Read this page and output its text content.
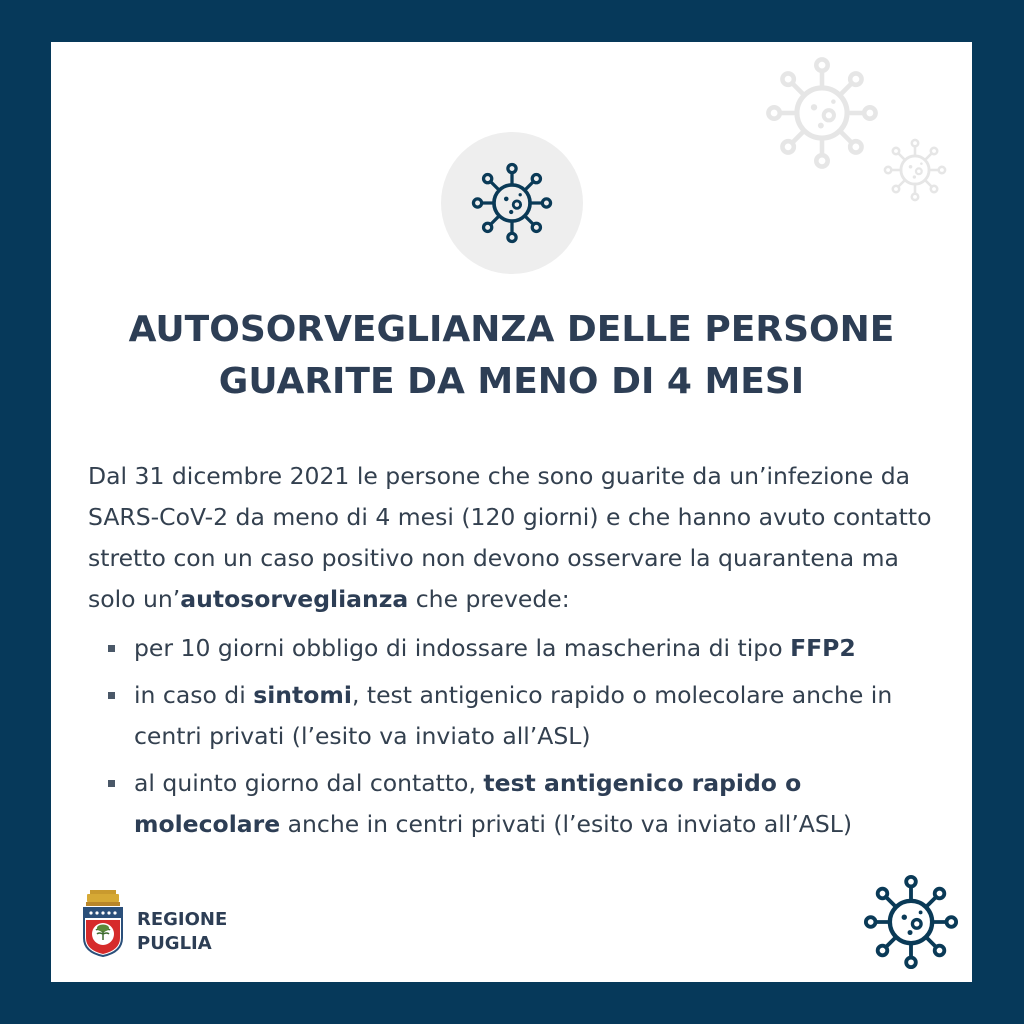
AUTOSORVEGLIANZA DELLE PERSONE
GUARITE DA MENO DI 4 MESI

Dal 31 dicembre 2021 le persone che sono guarite da un’infezione da SARS-CoV-2 da meno di 4 mesi (120 giorni) e che hanno avuto contatto stretto con un caso positivo non devono osservare la quarantena ma solo un’autosorveglianza che prevede:

per 10 giorni obbligo di indossare la mascherina di tipo FFP2
in caso di sintomi, test antigenico rapido o molecolare anche in centri privati (l’esito va inviato all’ASL)
al quinto giorno dal contatto, test antigenico rapido o molecolare anche in centri privati (l’esito va inviato all’ASL)
REGIONE
PUGLIA
